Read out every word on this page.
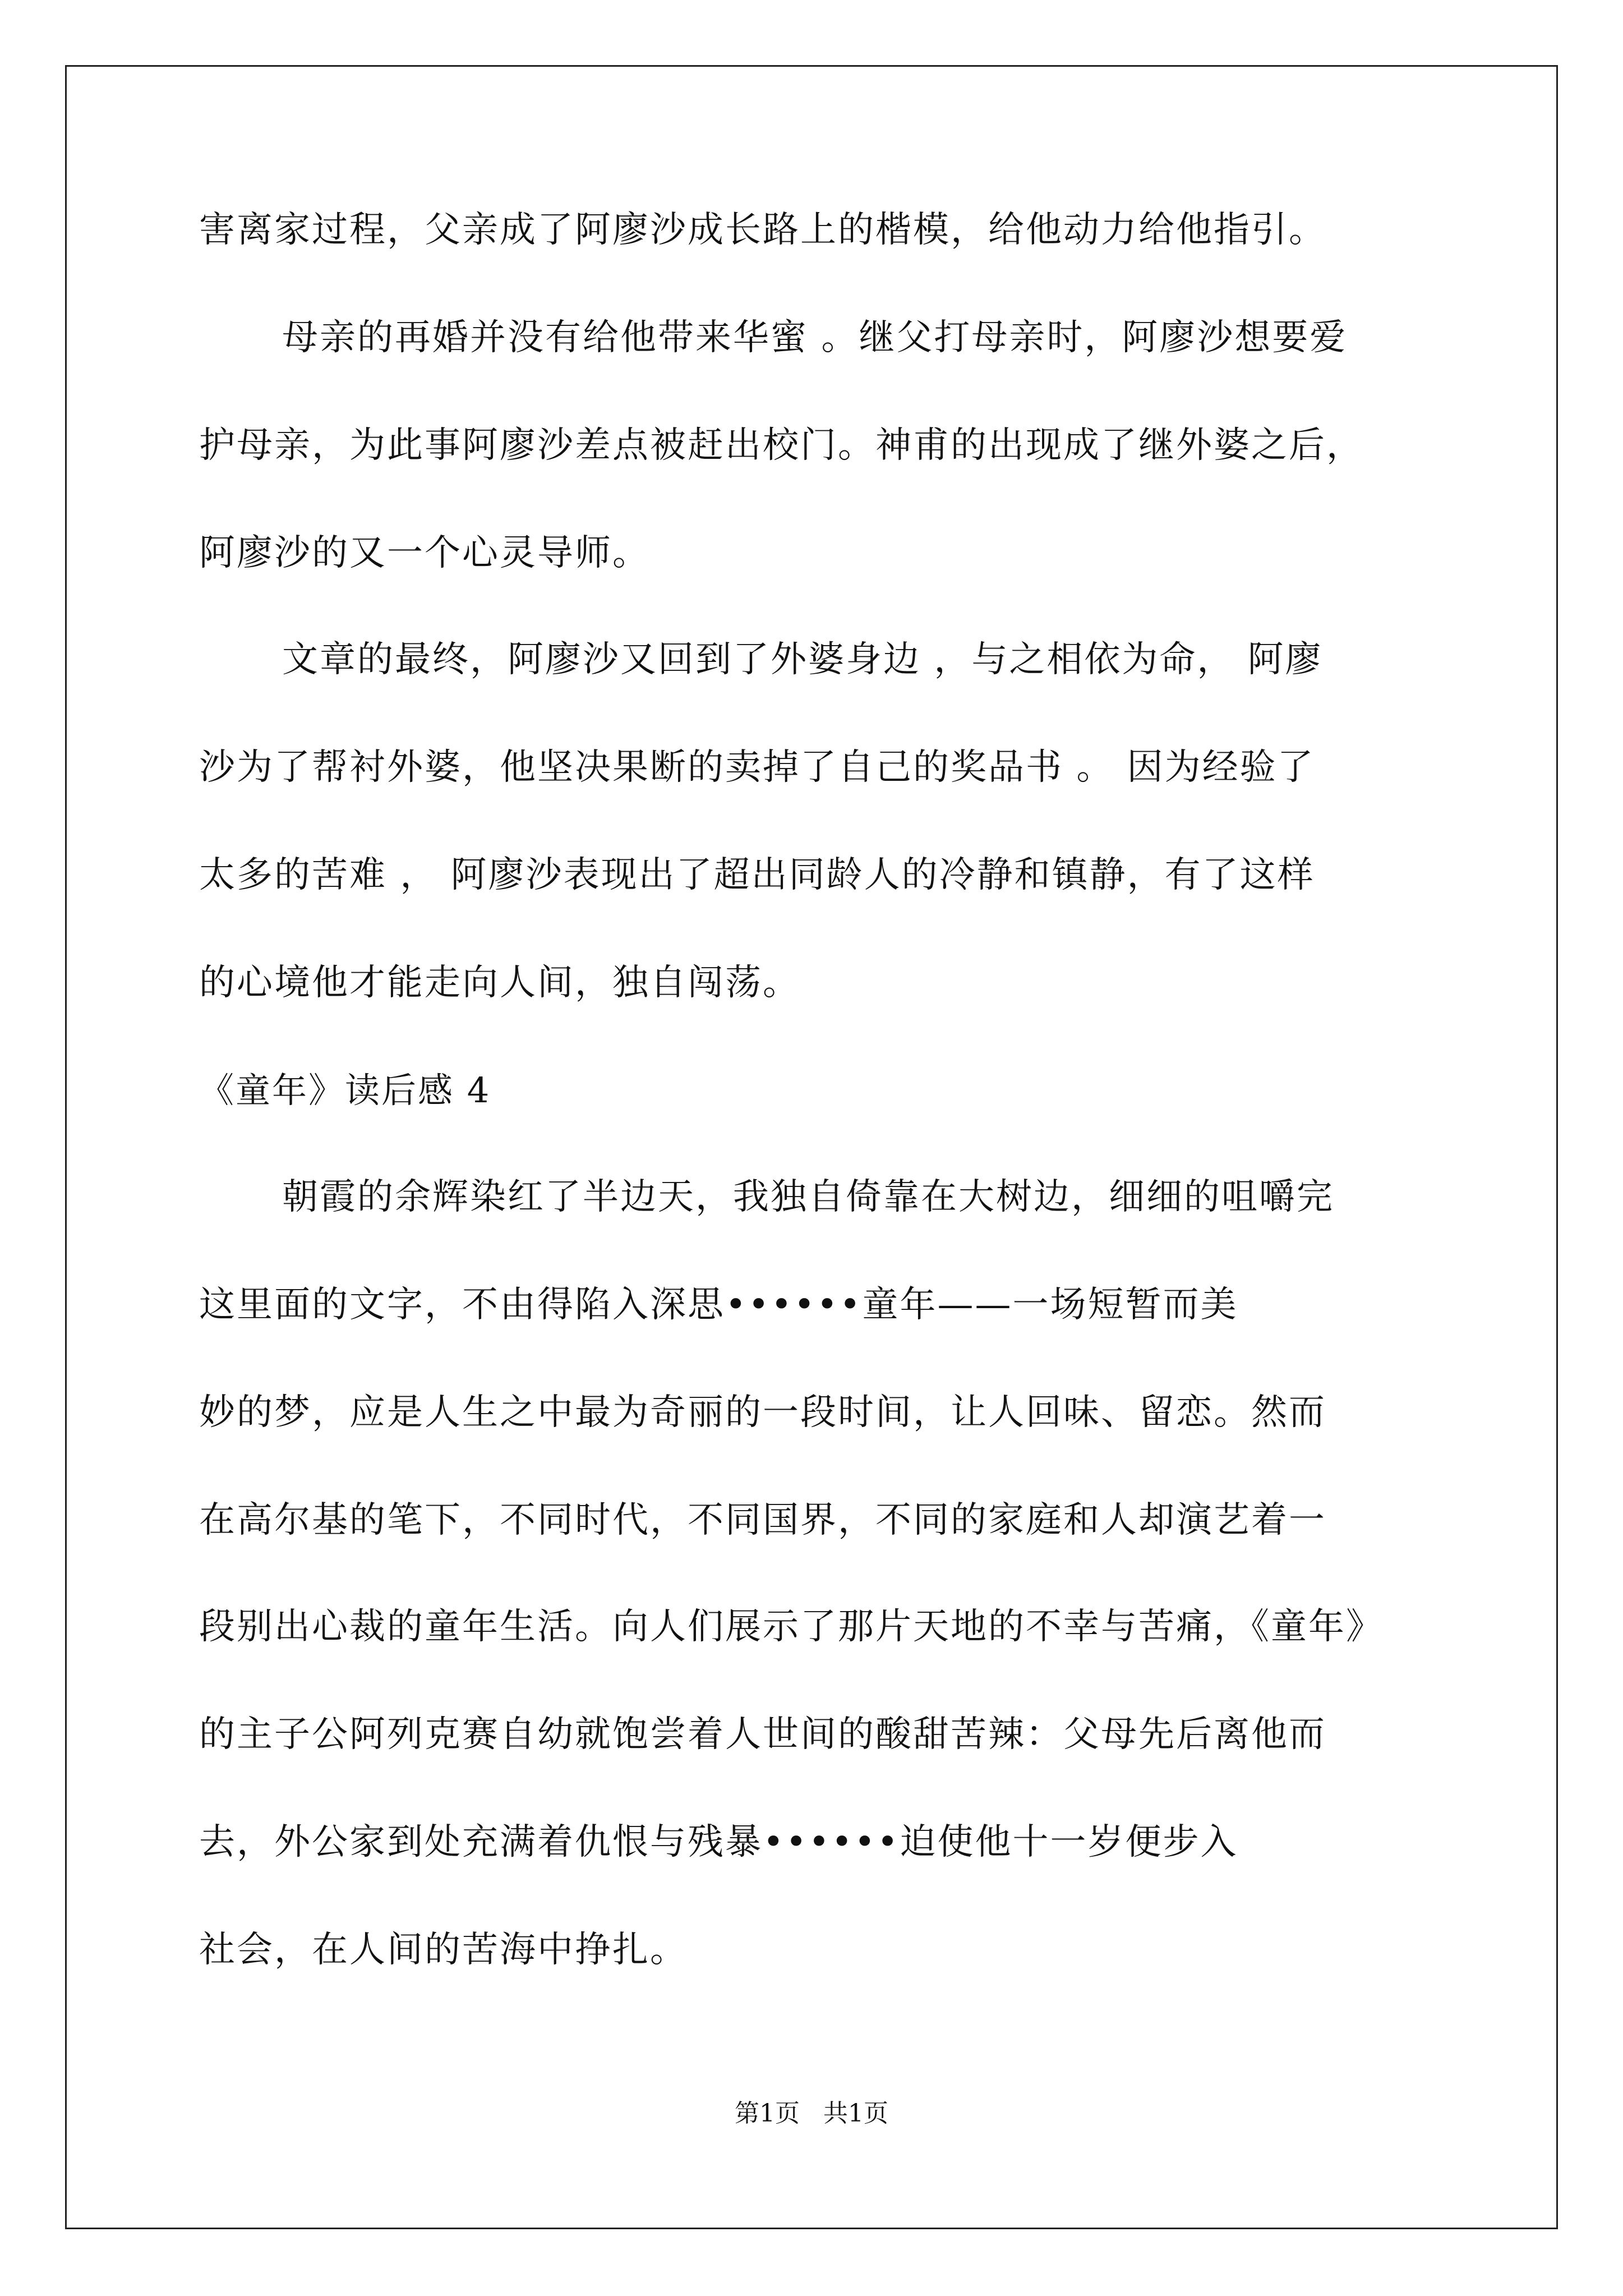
害离家过程，父亲成了阿廖沙成长路上的楷模，给他动力给他指引。
母亲的再婚并没有给他带来华蜜 。继父打母亲时，阿廖沙想要爱
护母亲，为此事阿廖沙差点被赶出校门。神甫的出现成了继外婆之后，
阿廖沙的又一个心灵导师。
文章的最终，阿廖沙又回到了外婆身边 ，与之相依为命， 阿廖
沙为了帮衬外婆，他坚决果断的卖掉了自己的奖品书 。 因为经验了
太多的苦难 ， 阿廖沙表现出了超出同龄人的冷静和镇静，有了这样
的心境他才能走向人间，独自闯荡。
《童年》读后感 4
朝霞的余辉染红了半边天，我独自倚靠在大树边，细细的咀嚼完
这里面的文字，不由得陷入深思••••••童年——一场短暂而美
妙的梦，应是人生之中最为奇丽的一段时间，让人回味、留恋。然而
在高尔基的笔下，不同时代，不同国界，不同的家庭和人却演艺着一
段别出心裁的童年生活。向人们展示了那片天地的不幸与苦痛，《童年》
的主子公阿列克赛自幼就饱尝着人世间的酸甜苦辣：父母先后离他而
去，外公家到处充满着仇恨与残暴••••••迫使他十一岁便步入
社会，在人间的苦海中挣扎。
第1页   共1页
